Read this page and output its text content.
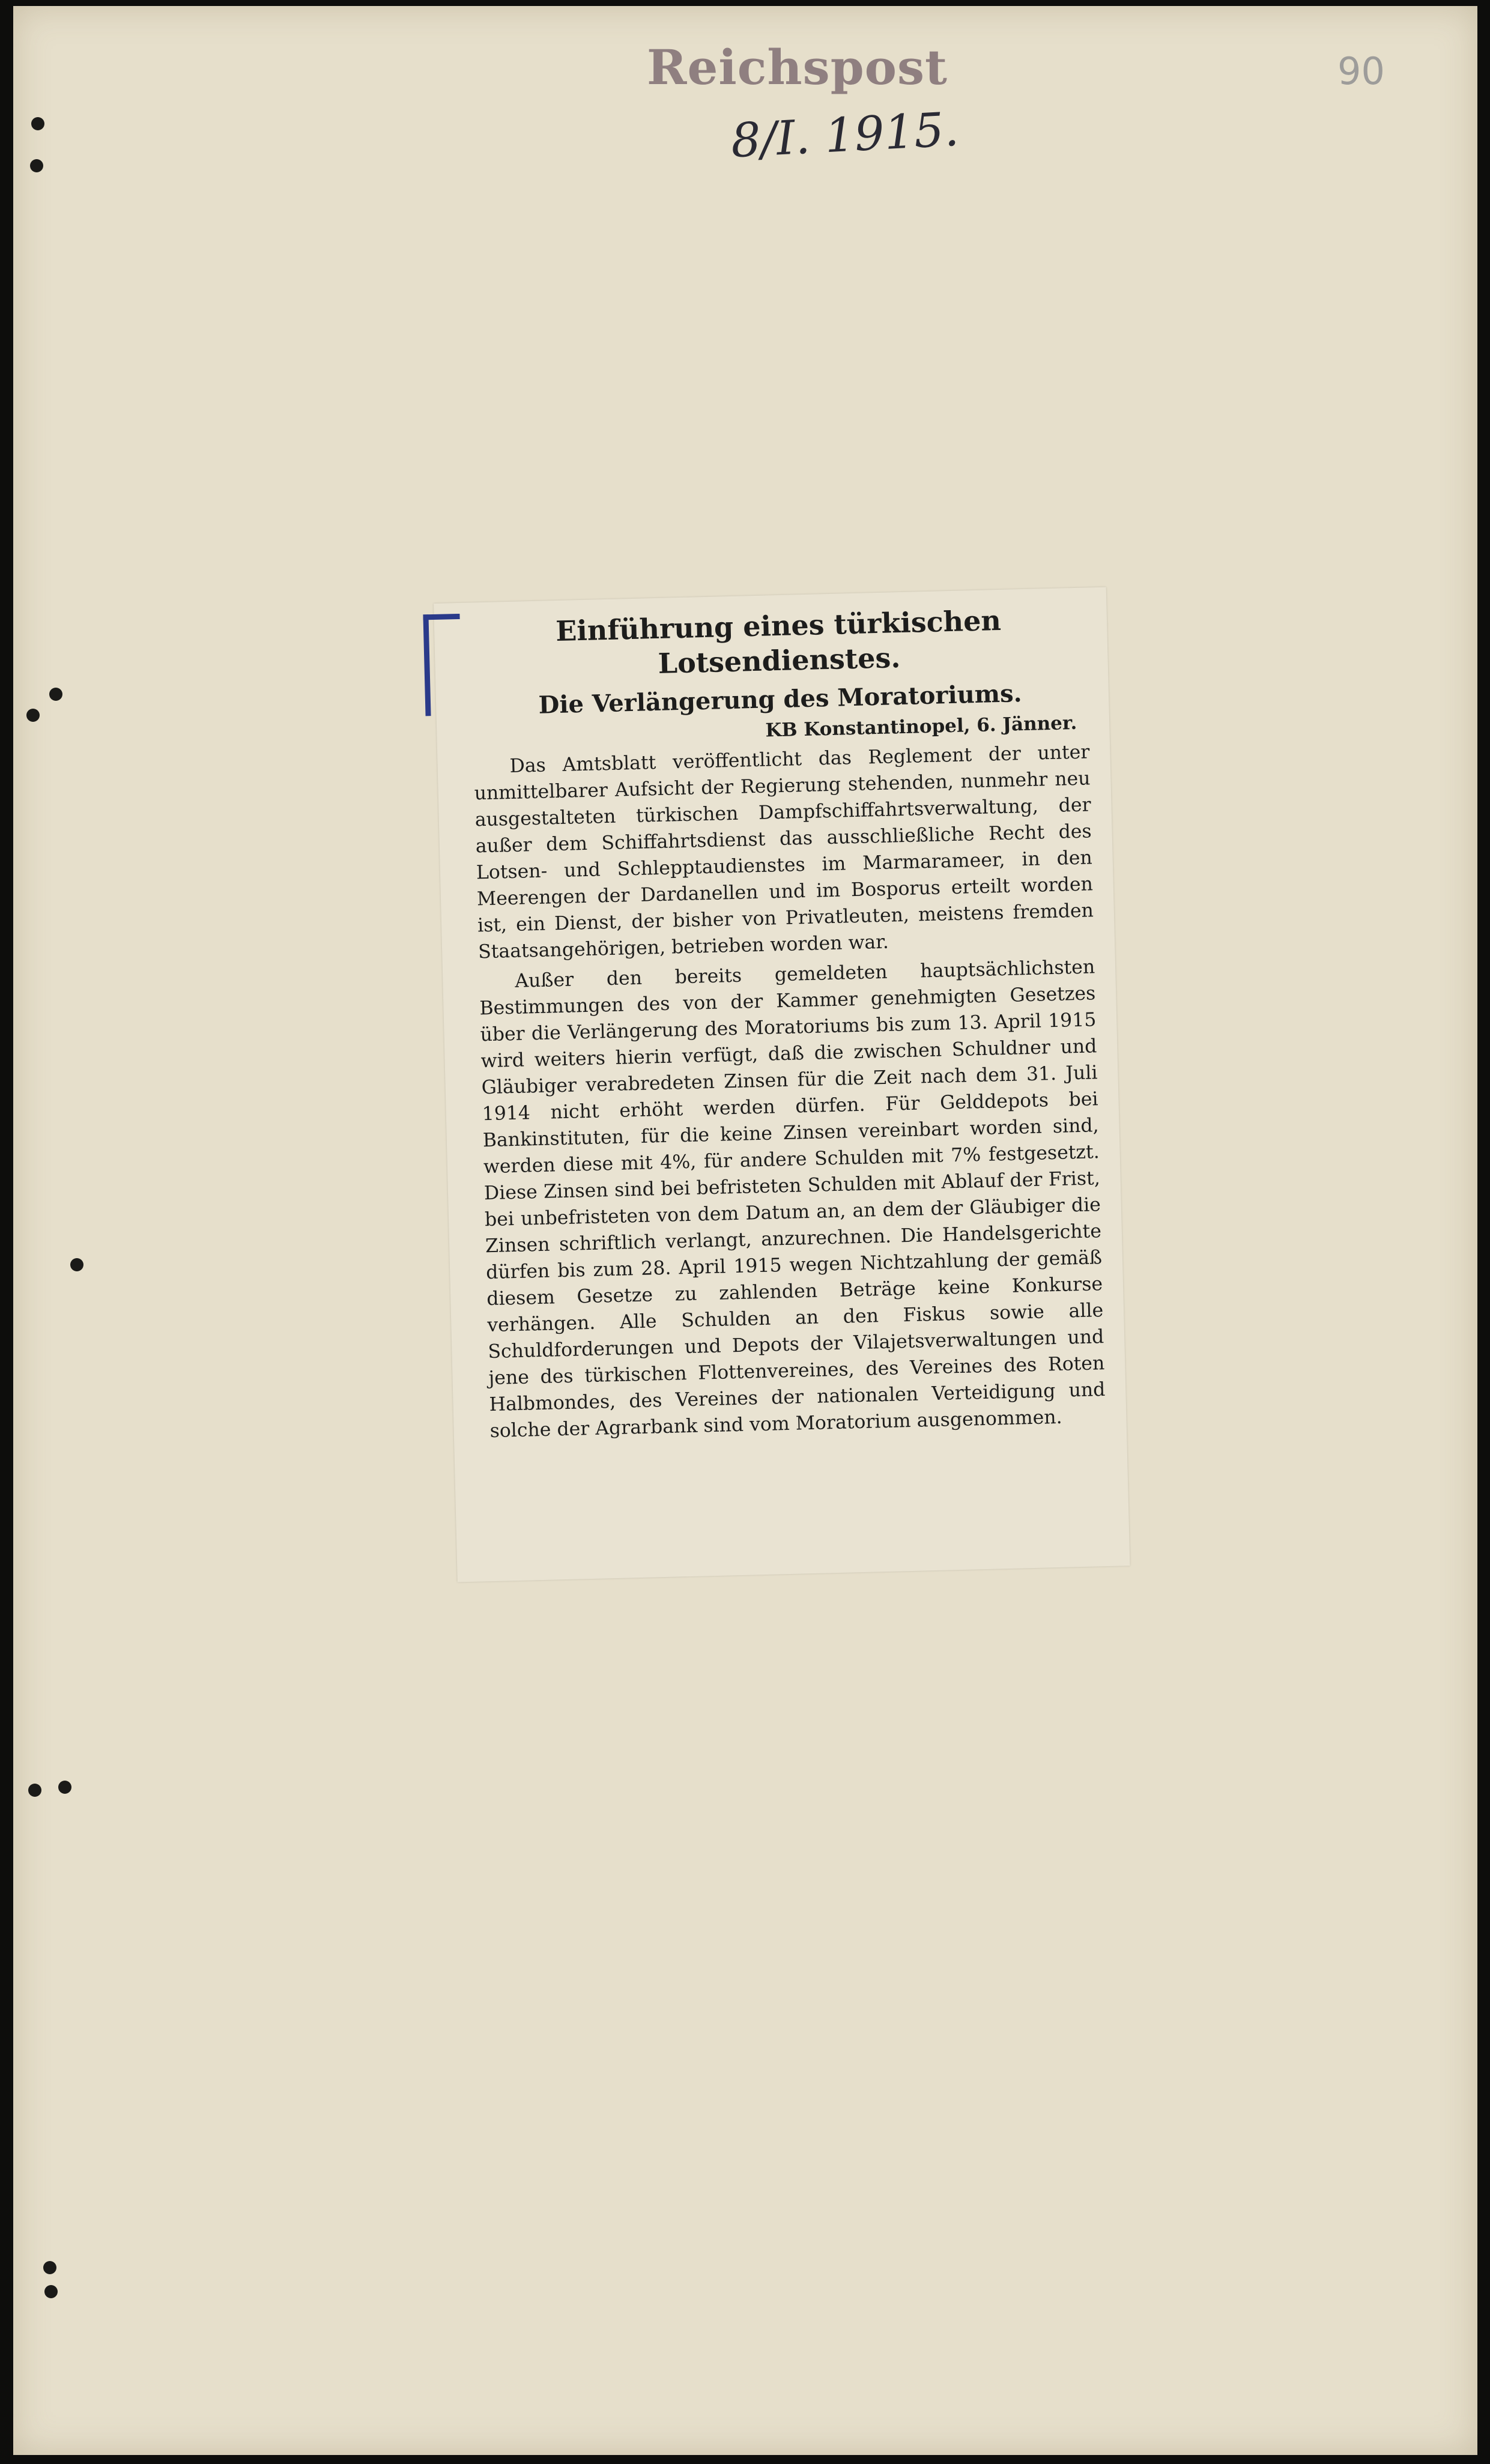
Reichspost
8/I. 1915.
90
Einführung eines türkischen Lotsendienstes.
Die Verlängerung des Moratoriums.
KB Konstantinopel, 6. Jänner.

Das Amtsblatt veröffentlicht das Reglement der unter unmittelbarer Aufsicht der Regierung stehenden, nunmehr neu ausgestalteten türkischen Dampfschiffahrtsverwaltung, der außer dem Schiffahrtsdienst das ausschließliche Recht des Lotsen- und Schlepptaudienstes im Marmarameer, in den Meerengen der Dardanellen und im Bosporus erteilt worden ist, ein Dienst, der bisher von Privatleuten, meistens fremden Staatsangehörigen, betrieben worden war.

Außer den bereits gemeldeten hauptsächlichsten Bestimmungen des von der Kammer genehmigten Gesetzes über die Verlängerung des Moratoriums bis zum 13. April 1915 wird weiters hierin verfügt, daß die zwischen Schuldner und Gläubiger verabredeten Zinsen für die Zeit nach dem 31. Juli 1914 nicht erhöht werden dürfen. Für Gelddepots bei Bankinstituten, für die keine Zinsen vereinbart worden sind, werden diese mit 4%, für andere Schulden mit 7% festgesetzt. Diese Zinsen sind bei befristeten Schulden mit Ablauf der Frist, bei unbefristeten von dem Datum an, an dem der Gläubiger die Zinsen schriftlich verlangt, anzurechnen. Die Handelsgerichte dürfen bis zum 28. April 1915 wegen Nichtzahlung der gemäß diesem Gesetze zu zahlenden Beträge keine Konkurse verhängen. Alle Schulden an den Fiskus sowie alle Schuldforderungen und Depots der Vilajetsverwaltungen und jene des türkischen Flottenvereines, des Vereines des Roten Halbmondes, des Vereines der nationalen Verteidigung und solche der Agrarbank sind vom Moratorium ausgenommen.
